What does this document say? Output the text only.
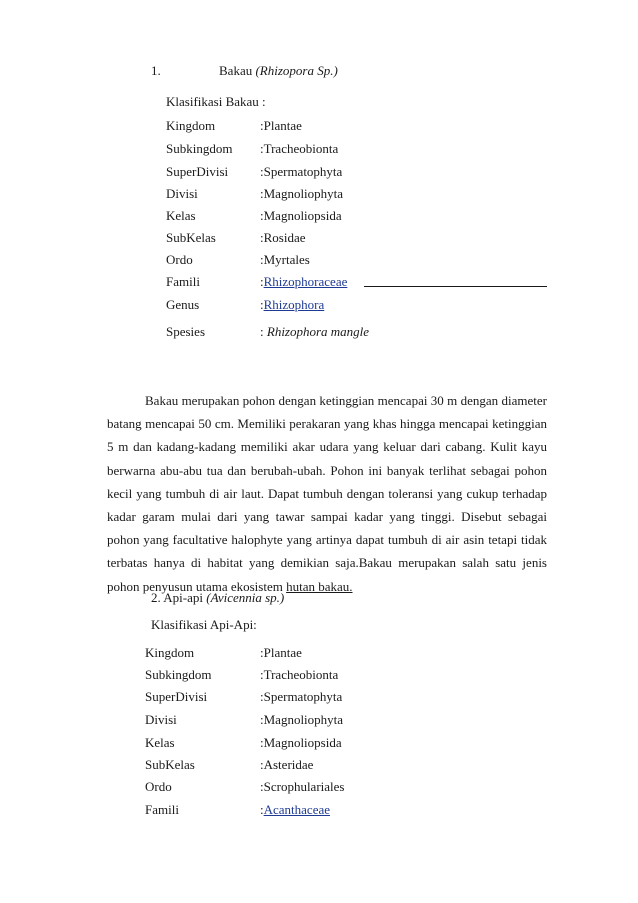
1.	Bakau (Rhizopora Sp.)
Klasifikasi Bakau :
Kingdom	:Plantae
Subkingdom :Tracheobionta
SuperDivisi :Spermatophyta
Divisi	:Magnoliophyta
Kelas	:Magnoliopsida
SubKelas	:Rosidae
Ordo	:Myrtales
Famili	:Rhizophoraceae
Genus	:Rhizophora
Spesies	: Rhizophora mangle

Bakau merupakan pohon dengan ketinggian mencapai 30 m dengan diameter batang mencapai 50 cm. Memiliki perakaran yang khas hingga mencapai ketinggian 5 m dan kadang-kadang memiliki akar udara yang keluar dari cabang. Kulit kayu berwarna abu-abu tua dan berubah-ubah. Pohon ini banyak terlihat sebagai pohon kecil yang tumbuh di air laut. Dapat tumbuh dengan toleransi yang cukup terhadap kadar garam mulai dari yang tawar sampai kadar yang tinggi. Disebut sebagai pohon yang facultative halophyte yang artinya dapat tumbuh di air asin tetapi tidak terbatas hanya di habitat yang demikian saja.Bakau merupakan salah satu jenis pohon penyusun utama ekosistem hutan bakau.

2. Api-api (Avicennia sp.)
Klasifikasi Api-Api:
Kingdom	:Plantae
Subkingdom	:Tracheobionta
SuperDivisi	:Spermatophyta
Divisi	:Magnoliophyta
Kelas	:Magnoliopsida
SubKelas	:Asteridae
Ordo	:Scrophulariales
Famili	:Acanthaceae
